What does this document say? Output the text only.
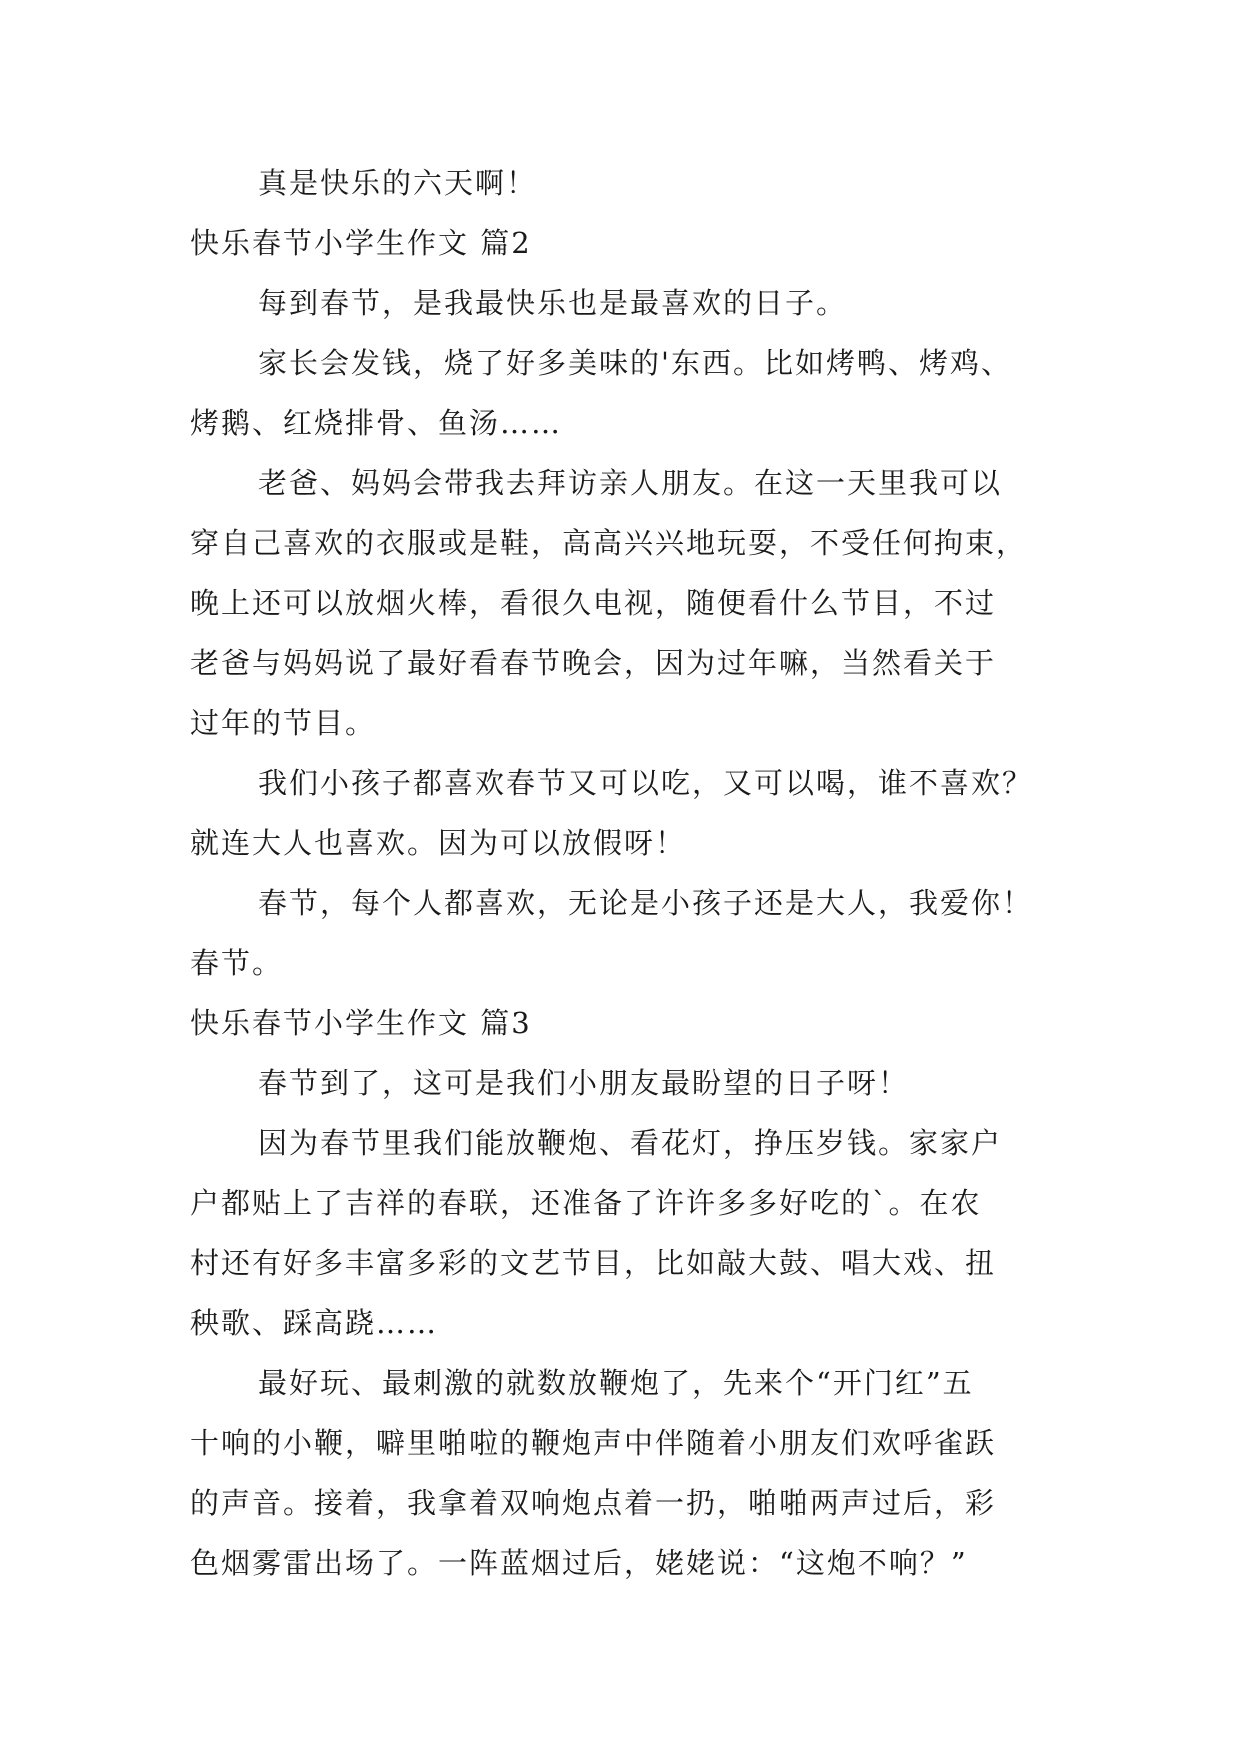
真是快乐的六天啊！

快乐春节小学生作文 篇2

每到春节，是我最快乐也是最喜欢的日子。

家长会发钱，烧了好多美味的'东西。比如烤鸭、烤鸡、

烤鹅、红烧排骨、鱼汤……

老爸、妈妈会带我去拜访亲人朋友。在这一天里我可以

穿自己喜欢的衣服或是鞋，高高兴兴地玩耍，不受任何拘束，

晚上还可以放烟火棒，看很久电视，随便看什么节目，不过

老爸与妈妈说了最好看春节晚会，因为过年嘛，当然看关于

过年的节目。

我们小孩子都喜欢春节又可以吃，又可以喝，谁不喜欢？

就连大人也喜欢。因为可以放假呀！

春节，每个人都喜欢，无论是小孩子还是大人，我爱你！

春节。

快乐春节小学生作文 篇3

春节到了，这可是我们小朋友最盼望的日子呀！

因为春节里我们能放鞭炮、看花灯，挣压岁钱。家家户

户都贴上了吉祥的春联，还准备了许许多多好吃的`。在农

村还有好多丰富多彩的文艺节目，比如敲大鼓、唱大戏、扭

秧歌、踩高跷……

最好玩、最刺激的就数放鞭炮了，先来个“开门红”五

十响的小鞭，噼里啪啦的鞭炮声中伴随着小朋友们欢呼雀跃

的声音。接着，我拿着双响炮点着一扔，啪啪两声过后，彩

色烟雾雷出场了。一阵蓝烟过后，姥姥说：“这炮不响？”
